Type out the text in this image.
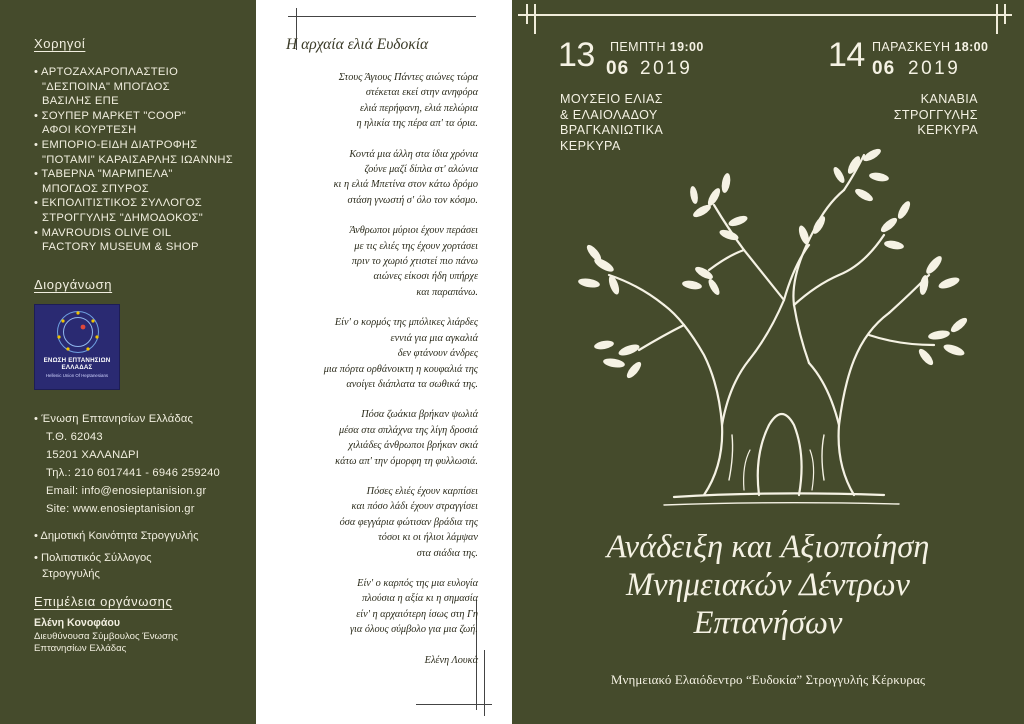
Χορηγοί
• ΑΡΤΟΖΑΧΑΡΟΠΛΑΣΤΕΙΟ "ΔΕΣΠΟΙΝΑ" ΜΠΟΓΔΟΣ ΒΑΣΙΛΗΣ ΕΠΕ
• ΣΟΥΠΕΡ ΜΑΡΚΕΤ "COOP" ΑΦΟΙ ΚΟΥΡΤΕΣΗ
• ΕΜΠΟΡΙΟ-ΕΙΔΗ ΔΙΑΤΡΟΦΗΣ "ΠΟΤΑΜΙ" ΚΑΡΑΙΣΑΡΛΗΣ ΙΩΑΝΝΗΣ
• ΤΑΒΕΡΝΑ "ΜΑΡΜΠΕΛΑ" ΜΠΟΓΔΟΣ ΣΠΥΡΟΣ
• ΕΚΠΟΛΙΤΙΣΤΙΚΟΣ ΣΥΛΛΟΓΟΣ ΣΤΡΟΓΓΥΛΗΣ "ΔΗΜΟΔΟΚΟΣ"
• MAVROUDIS OLIVE OIL FACTORY MUSEUM & SHOP
Διοργάνωση
ΕΝΩΣΗ ΕΠΤΑΝΗΣΙΩΝ
ΕΛΛΑΔΑΣ
Hellenic Union Of Heptanesians
• Ένωση Επτανησίων Ελλάδας
Τ.Θ. 62043
15201 ΧΑΛΑΝΔΡΙ
Τηλ.: 210 6017441 - 6946 259240
Email: info@enosieptanision.gr
Site: www.enosieptanision.gr
• Δημοτική Κοινότητα Στρογγυλής
• Πολιτιστικός Σύλλογος Στρογγυλής
Επιμέλεια οργάνωσης
Ελένη Κονοφάου
Διευθύνουσα Σύμβουλος Ένωσης Επτανησίων Ελλάδας
Η αρχαία ελιά Ευδοκία
Στους Άγιους Πάντες αιώνες τώρα
στέκεται εκεί στην ανηφόρα
ελιά περήφανη, ελιά πελώρια
η ηλικία της πέρα απ' τα όρια.
Κοντά μια άλλη στα ίδια χρόνια
ζούνε μαζί δίπλα στ' αλώνια
κι η ελιά Μπετίνα στον κάτω δρόμο
στάση γνωστή σ' όλο τον κόσμο.
Άνθρωποι μύριοι έχουν περάσει
με τις ελιές της έχουν χορτάσει
πριν το χωριό χτιστεί πιο πάνω
αιώνες είκοσι ήδη υπήρχε
και παραπάνω.
Είν' ο κορμός της μπόλικες λιάρδες
εννιά για μια αγκαλιά
δεν φτάνουν άνδρες
μια πόρτα ορθάνοικτη η κουφαλιά της
ανοίγει διάπλατα τα σωθικά της.
Πόσα ζωάκια βρήκαν ψωλιά
μέσα στα σπλάχνα της λίγη δροσιά
χιλιάδες άνθρωποι βρήκαν σκιά
κάτω απ' την όμορφη τη φυλλωσιά.
Πόσες ελιές έχουν καρπίσει
και πόσο λάδι έχουν στραγγίσει
όσα φεγγάρια φώτισαν βράδια της
τόσοι κι οι ήλιοι λάμψαν
στα σιάδια της.
Είν' ο καρπός της μια ευλογία
πλούσια η αξία κι η σημασία
είν' η αρχαιότερη ίσως στη Γη
για όλους σύμβολο για μια ζωή.
Ελένη Λουκά
13 ΠΕΜΠΤΗ 19:00
06 2019
ΜΟΥΣΕΙΟ ΕΛΙΑΣ
& ΕΛΑΙΟΛΑΔΟΥ
ΒΡΑΓΚΑΝΙΩΤΙΚΑ
ΚΕΡΚΥΡΑ
14 ΠΑΡΑΣΚΕΥΗ 18:00
06 2019
ΚΑΝΑΒΙΑ
ΣΤΡΟΓΓΥΛΗΣ
ΚΕΡΚΥΡΑ
Ανάδειξη και Αξιοποίηση
Μνημειακών Δέντρων
Επτανήσων
Μνημειακό Ελαιόδεντρο “Ευδοκία” Στρογγυλής Κέρκυρας
